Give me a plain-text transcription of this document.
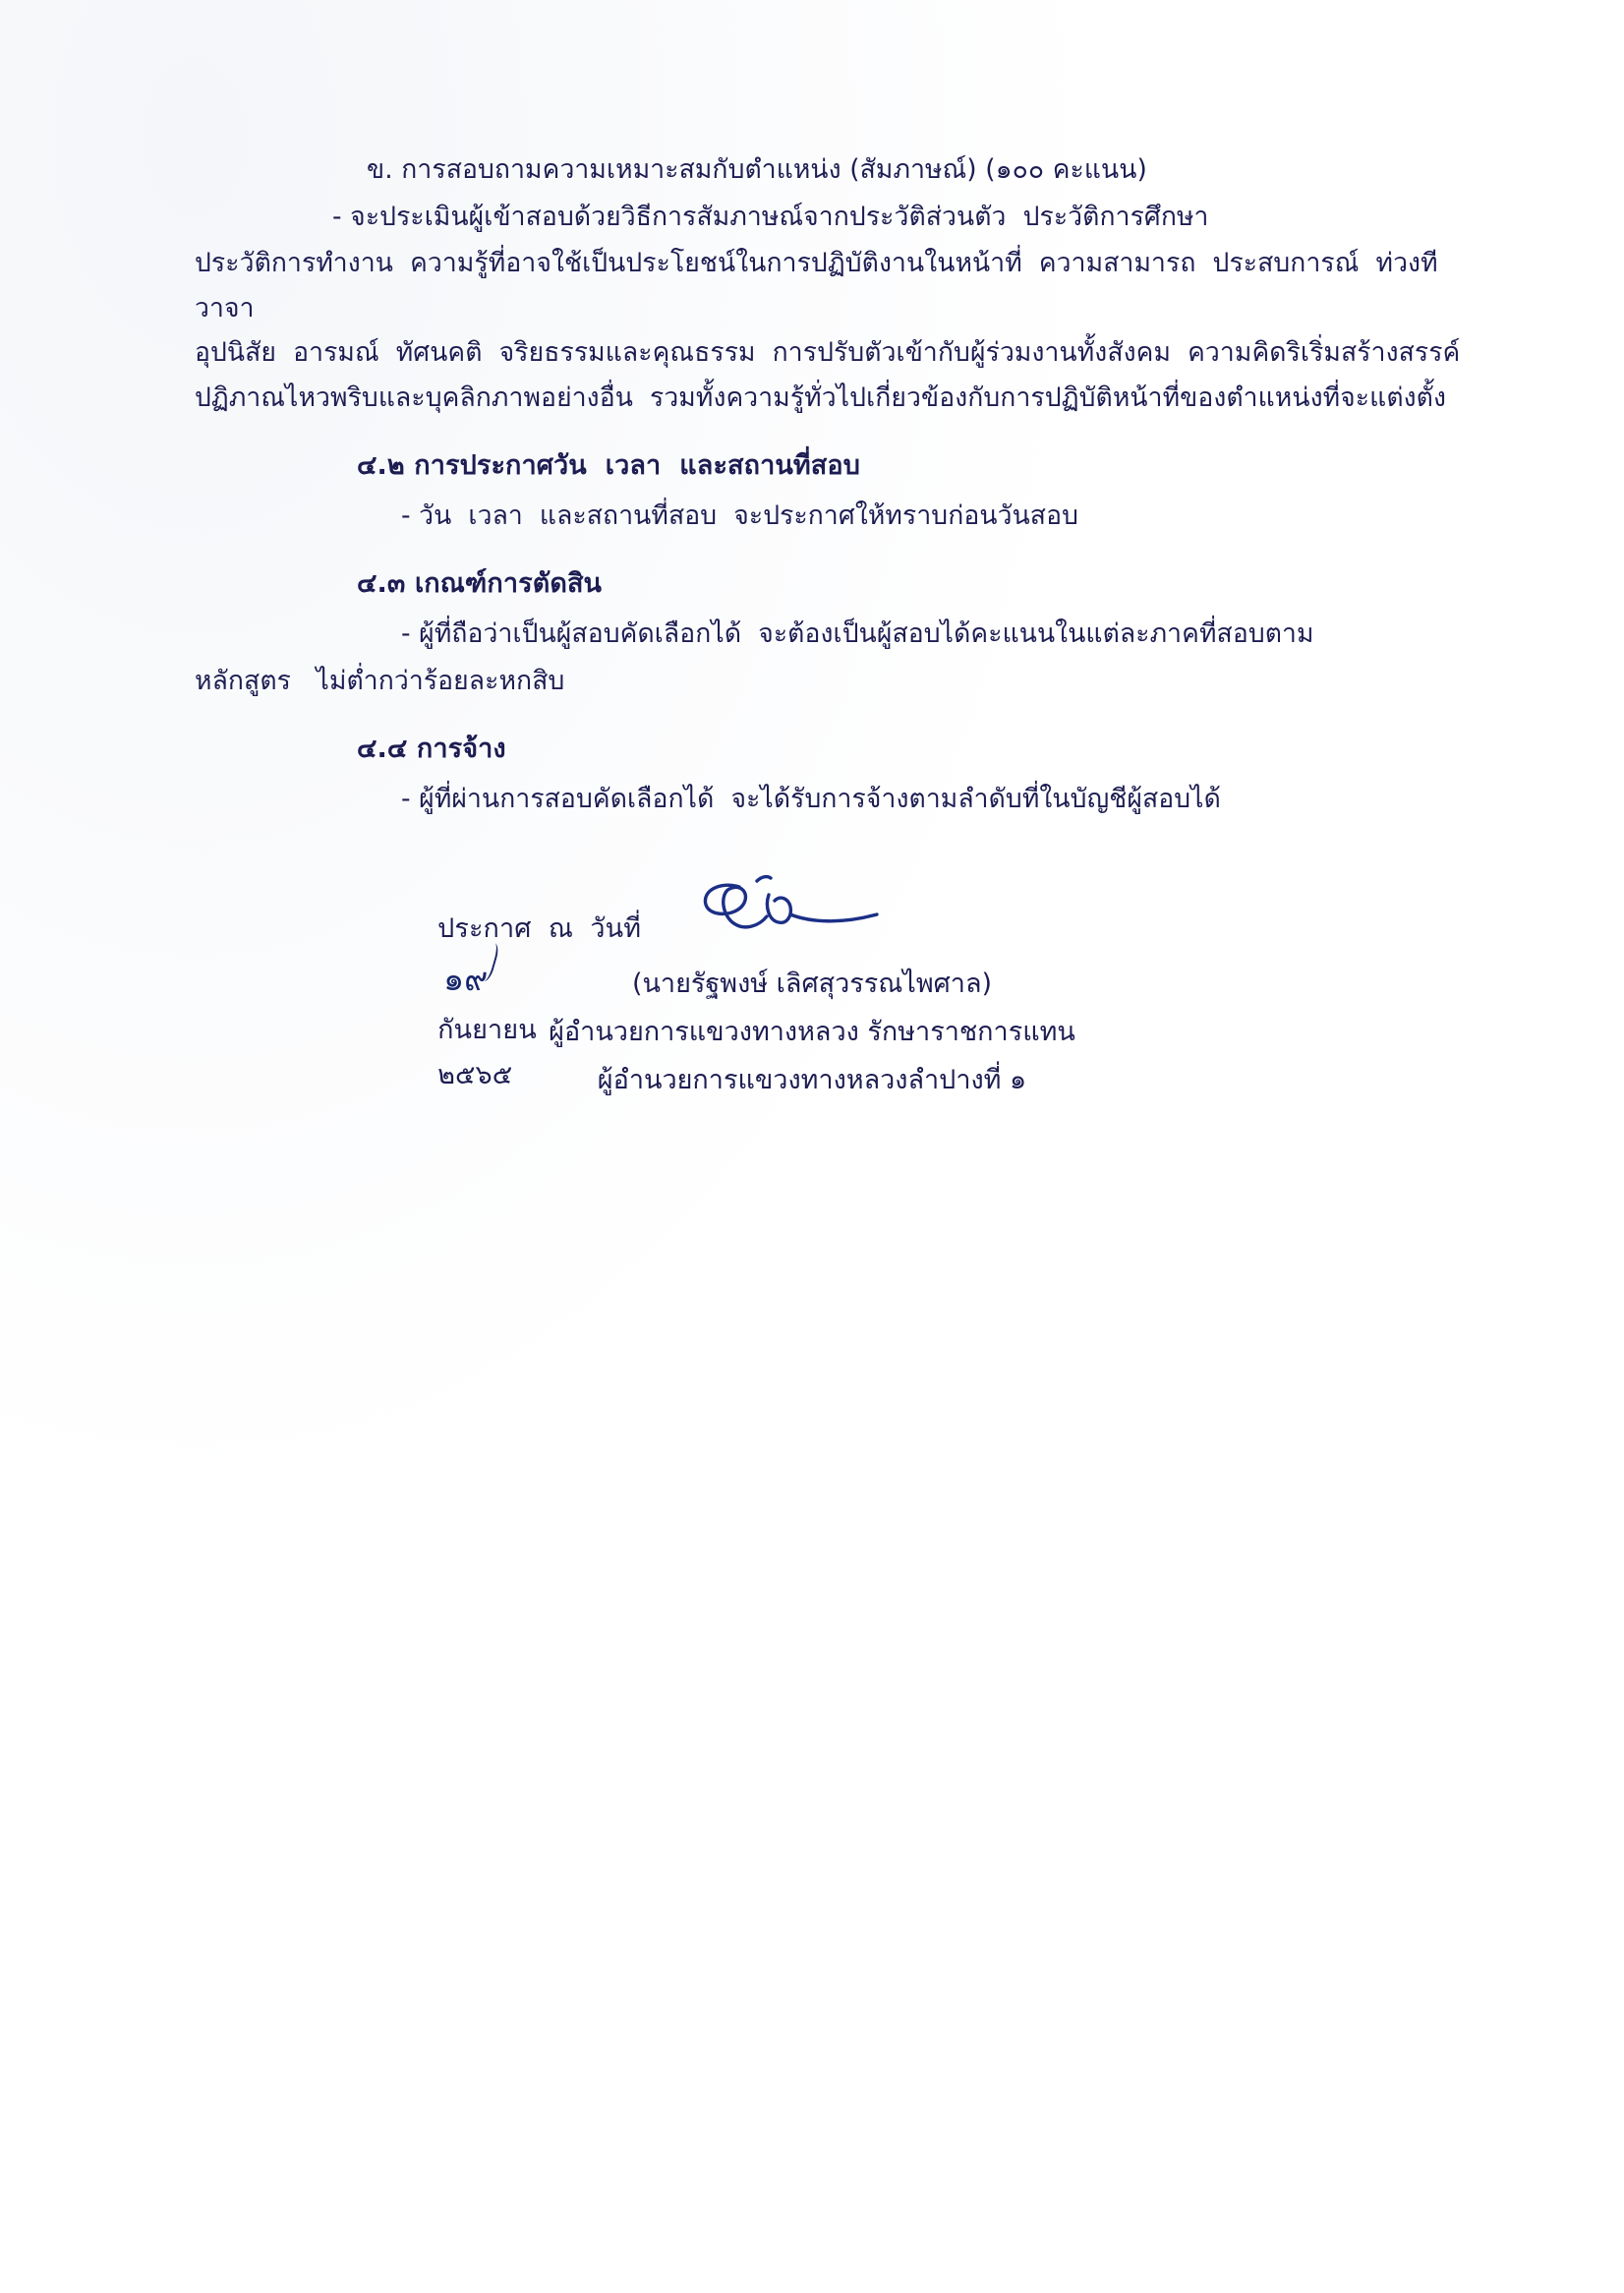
ข. การสอบถามความเหมาะสมกับตำแหน่ง (สัมภาษณ์) (๑๐๐ คะแนน)

- จะประเมินผู้เข้าสอบด้วยวิธีการสัมภาษณ์จากประวัติส่วนตัว  ประวัติการศึกษา

ประวัติการทำงาน  ความรู้ที่อาจใช้เป็นประโยชน์ในการปฏิบัติงานในหน้าที่  ความสามารถ  ประสบการณ์  ท่วงทีวาจา

อุปนิสัย  อารมณ์  ทัศนคติ  จริยธรรมและคุณธรรม  การปรับตัวเข้ากับผู้ร่วมงานทั้งสังคม  ความคิดริเริ่มสร้างสรรค์

ปฏิภาณไหวพริบและบุคลิกภาพอย่างอื่น  รวมทั้งความรู้ทั่วไปเกี่ยวข้องกับการปฏิบัติหน้าที่ของตำแหน่งที่จะแต่งตั้ง

๔.๒ การประกาศวัน  เวลา  และสถานที่สอบ

- วัน  เวลา  และสถานที่สอบ  จะประกาศให้ทราบก่อนวันสอบ

๔.๓ เกณฑ์การตัดสิน

- ผู้ที่ถือว่าเป็นผู้สอบคัดเลือกได้  จะต้องเป็นผู้สอบได้คะแนนในแต่ละภาคที่สอบตาม

หลักสูตร   ไม่ต่ำกว่าร้อยละหกสิบ

๔.๔ การจ้าง

- ผู้ที่ผ่านการสอบคัดเลือกได้  จะได้รับการจ้างตามลำดับที่ในบัญชีผู้สอบได้

ประกาศ  ณ  วันที่
๑๙
กันยายน
๒๕๖๕

(นายรัฐพงษ์ เลิศสุวรรณไพศาล)
ผู้อำนวยการแขวงทางหลวง รักษาราชการแทน
ผู้อำนวยการแขวงทางหลวงลำปางที่ ๑
